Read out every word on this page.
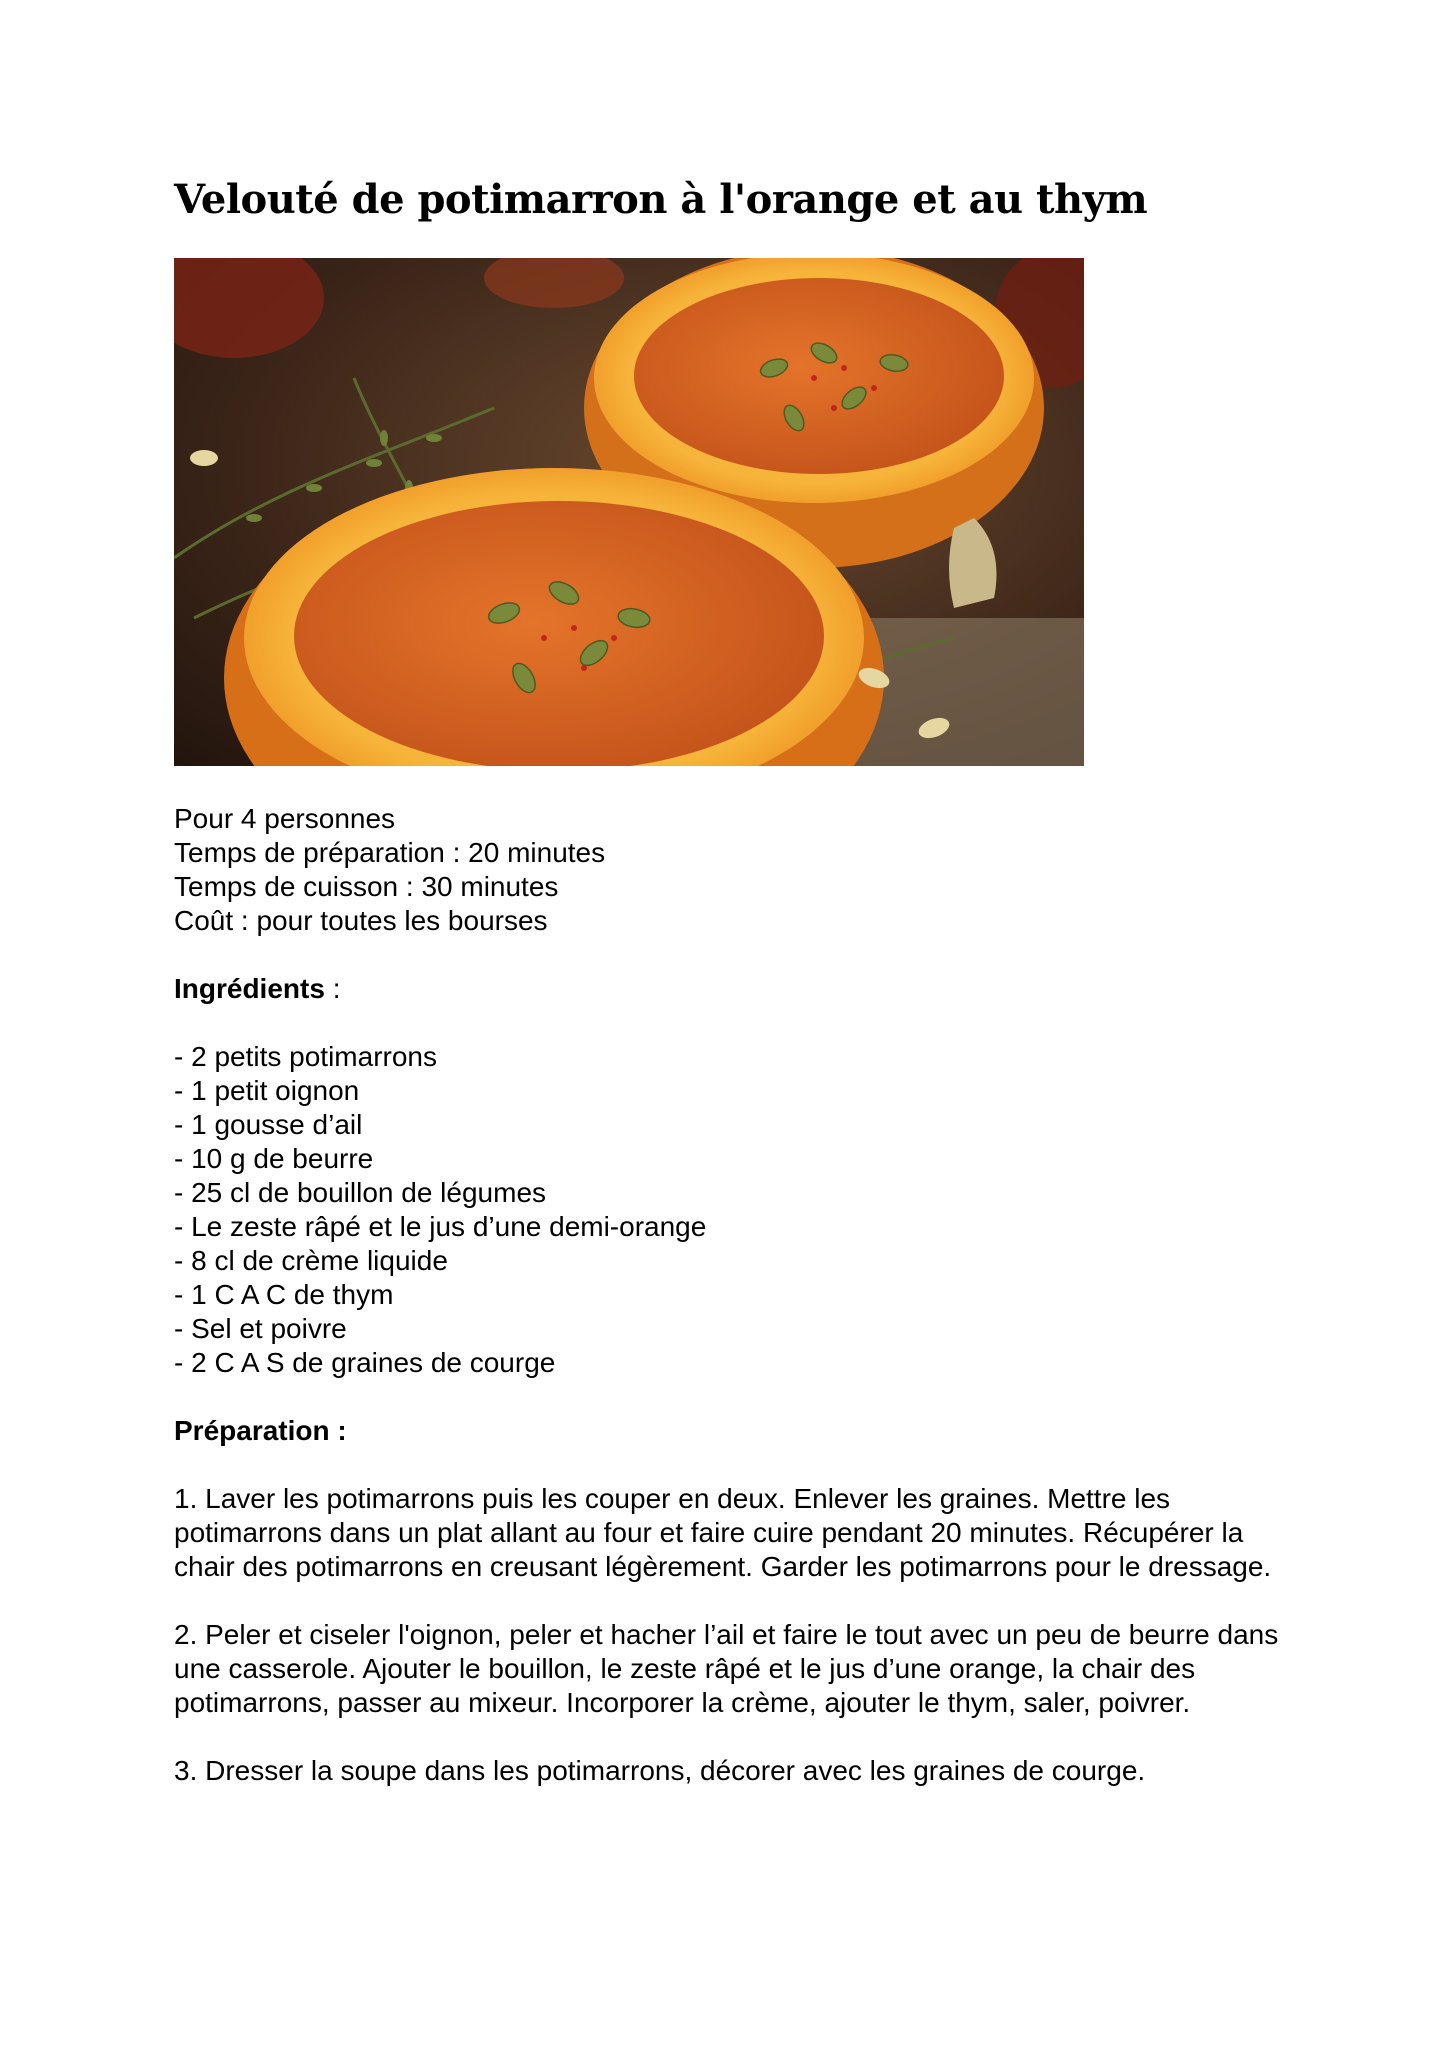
Velouté de potimarron à l'orange et au thym
Pour 4 personnes
Temps de préparation : 20 minutes
Temps de cuisson : 30 minutes
Coût : pour toutes les bourses
Ingrédients :
- 2 petits potimarrons
- 1 petit oignon
- 1 gousse d’ail
- 10 g de beurre
- 25 cl de bouillon de légumes
- Le zeste râpé et le jus d’une demi-orange
- 8 cl de crème liquide
- 1 C A C de thym
- Sel et poivre
- 2 C A S de graines de courge
Préparation :
1. Laver les potimarrons puis les couper en deux. Enlever les graines. Mettre les potimarrons dans un plat allant au four et faire cuire pendant 20 minutes. Récupérer la chair des potimarrons en creusant légèrement. Garder les potimarrons pour le dressage.
2. Peler et ciseler l'oignon, peler et hacher l’ail et faire le tout avec un peu de beurre dans une casserole. Ajouter le bouillon, le zeste râpé et le jus d’une orange, la chair des potimarrons, passer au mixeur. Incorporer la crème, ajouter le thym, saler, poivrer.
3. Dresser la soupe dans les potimarrons, décorer avec les graines de courge.
